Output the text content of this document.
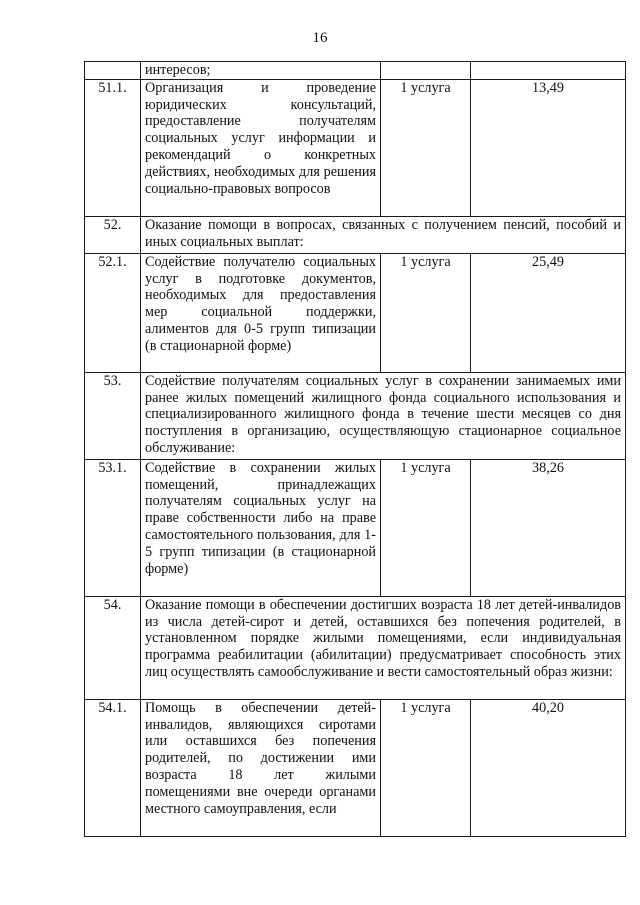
16
	интересов;		
51.1.	Организация и проведение юридических консультаций, предоставление получателям социальных услуг информации и рекомендаций о конкретных действиях, необходимых для решения социально-правовых вопросов	1 услуга	13,49
52.	Оказание помощи в вопросах, связанных с получением пенсий, пособий и иных социальных выплат:		
52.1.	Содействие получателю социальных услуг в подготовке документов, необходимых для предоставления мер социальной поддержки, алиментов для 0-5 групп типизации (в стационарной форме)	1 услуга	25,49
53.	Содействие получателям социальных услуг в сохранении занимаемых ими ранее жилых помещений жилищного фонда социального использования и специализированного жилищного фонда в течение шести месяцев со дня поступления в организацию, осуществляющую стационарное социальное обслуживание:		
53.1.	Содействие в сохранении жилых помещений, принадлежащих получателям социальных услуг на праве собственности либо на праве самостоятельного пользования, для 1-5 групп типизации (в стационарной форме)	1 услуга	38,26
54.	Оказание помощи в обеспечении достигших возраста 18 лет детей-инвалидов из числа детей-сирот и детей, оставшихся без попечения родителей, в установленном порядке жилыми помещениями, если индивидуальная программа реабилитации (абилитации) предусматривает способность этих лиц осуществлять самообслуживание и вести самостоятельный образ жизни:		
54.1.	Помощь в обеспечении детей-инвалидов, являющихся сиротами или оставшихся без попечения родителей, по достижении ими возраста 18 лет жилыми помещениями вне очереди органами местного самоуправления, если	1 услуга	40,20
